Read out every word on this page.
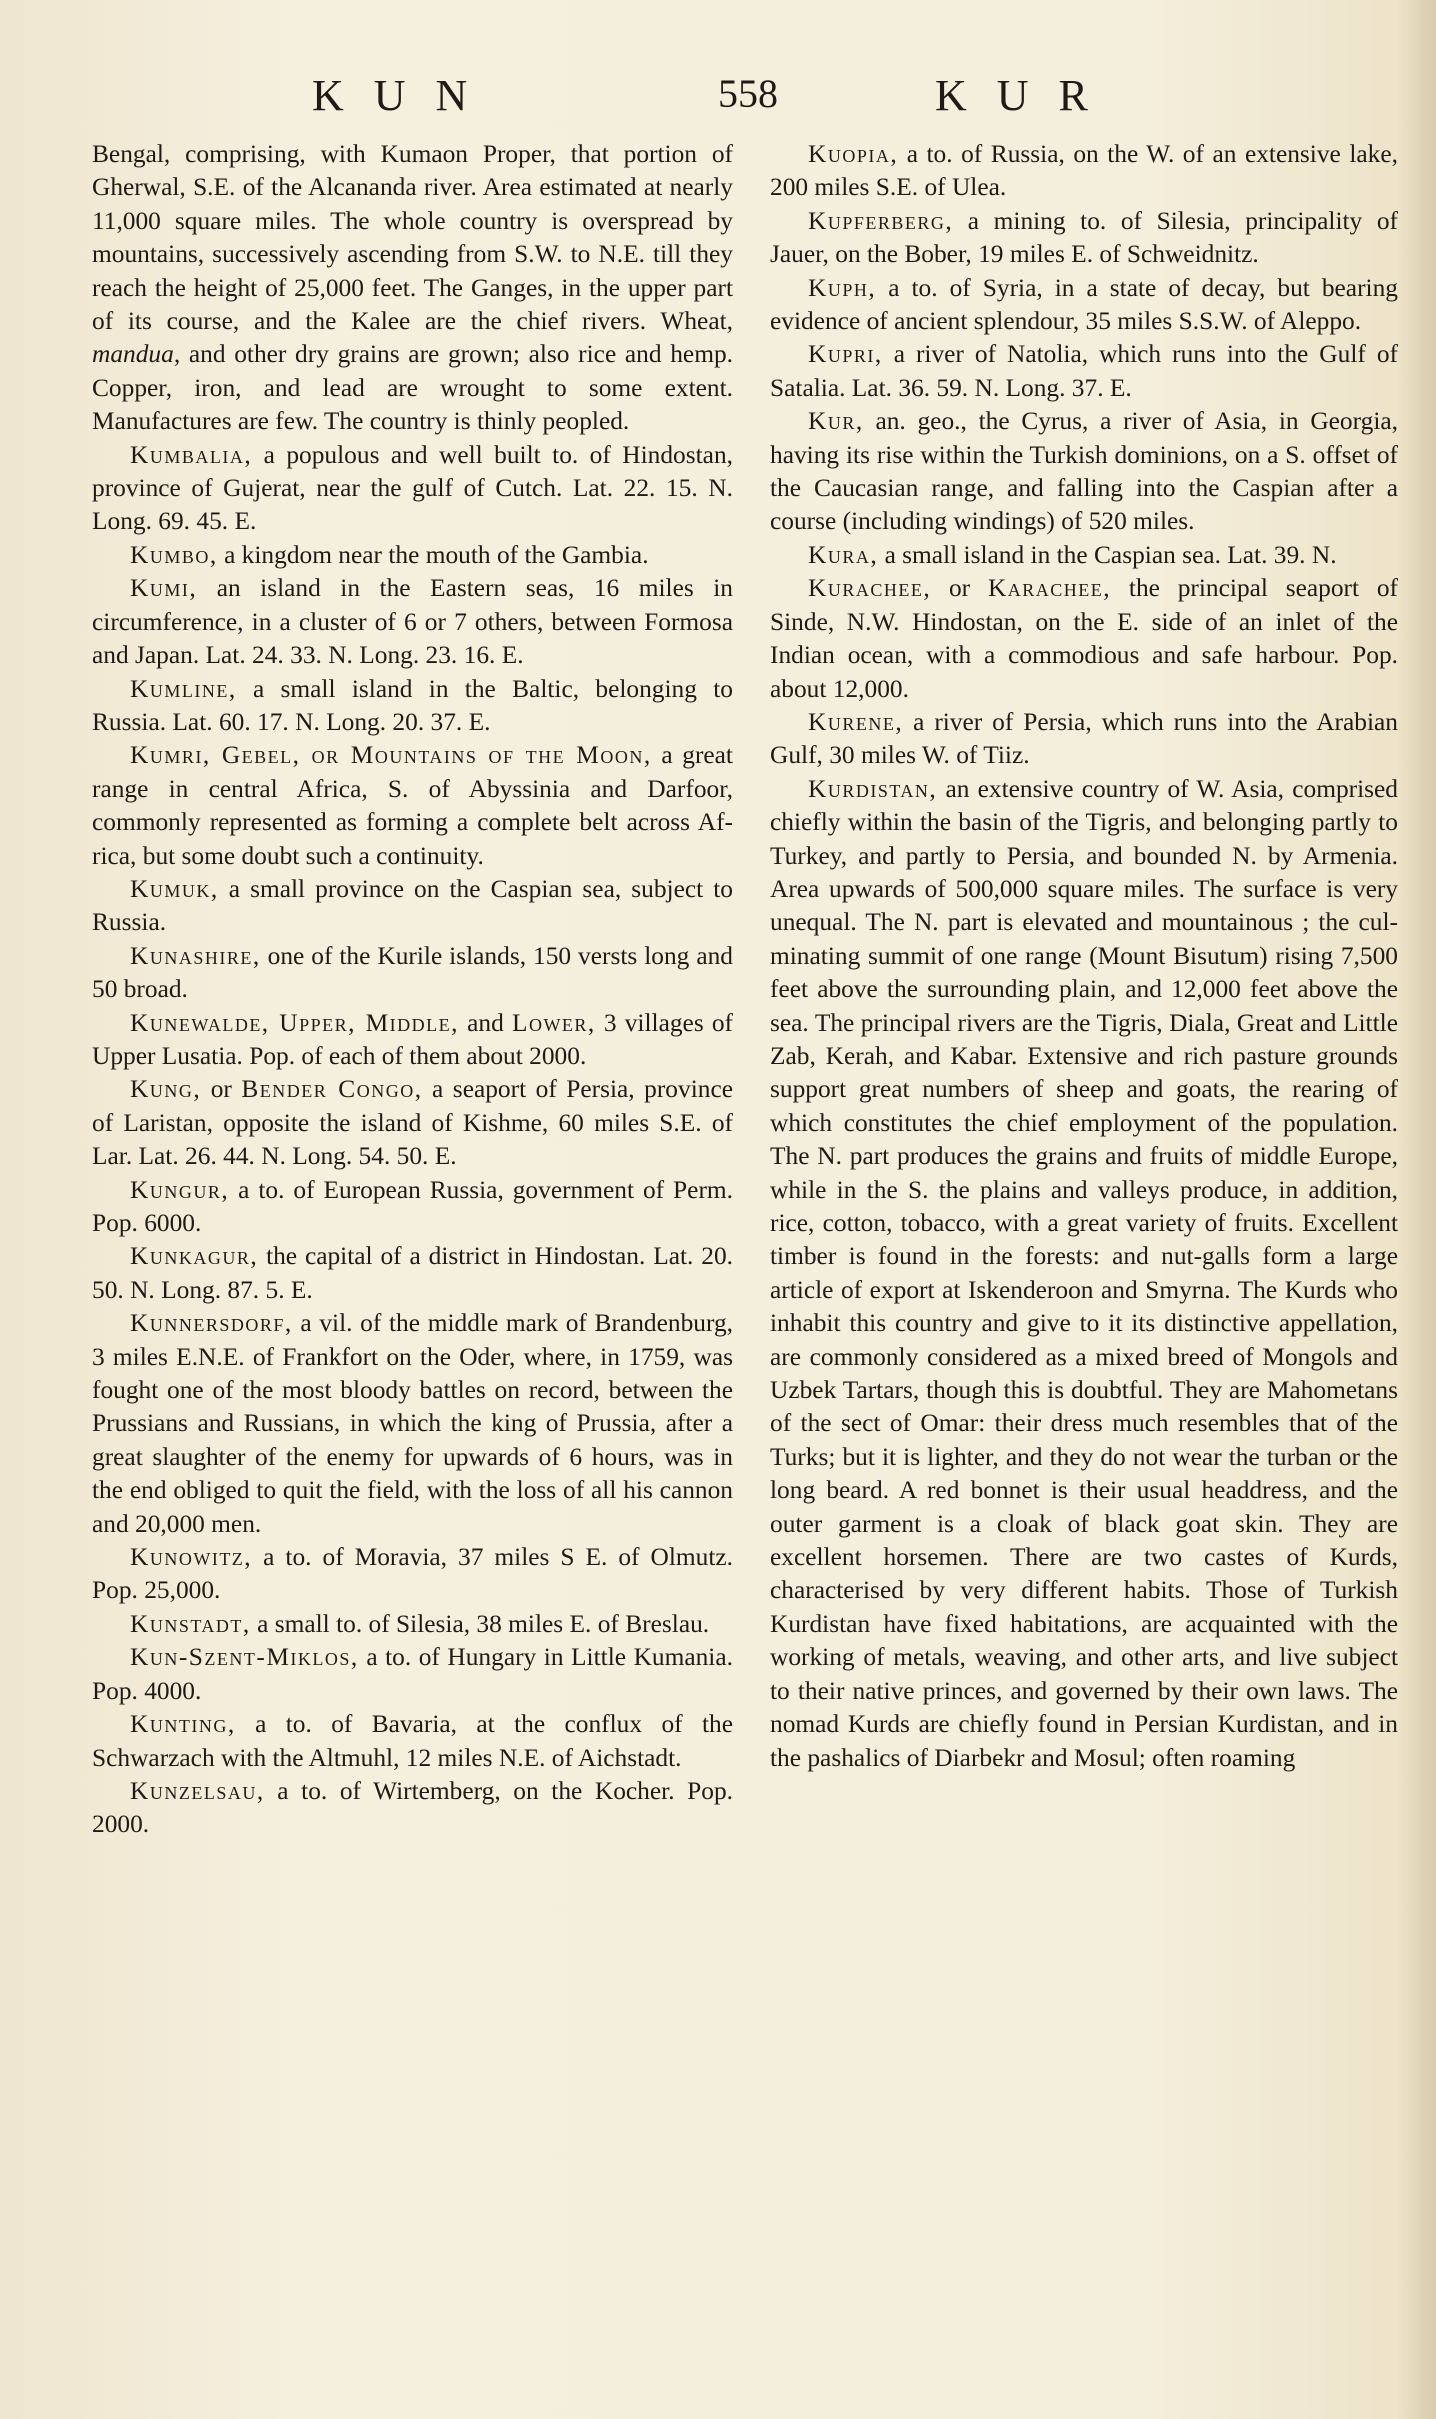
KUN	558	KUR

Bengal, comprising, with Kumaon Proper, that portion of Gherwal, S.E. of the Alcananda river. Area estimated at nearly 11,000 square miles. The whole country is overspread by mountains, successively ascending from S.W. to N.E. till they reach the height of 25,000 feet. The Ganges, in the upper part of its course, and the Kalee are the chief rivers. Wheat, mandua, and other dry grains are grown; also rice and hemp. Copper, iron, and lead are wrought to some extent. Manufactures are few. The country is thinly peopled.

Kumbalia, a populous and well built to. of Hindostan, province of Gujerat, near the gulf of Cutch. Lat. 22. 15. N. Long. 69. 45. E.

Kumbo, a kingdom near the mouth of the Gambia.

Kumi, an island in the Eastern seas, 16 miles in circumference, in a cluster of 6 or 7 others, between Formosa and Japan. Lat. 24. 33. N. Long. 23. 16. E.

Kumline, a small island in the Baltic, belonging to Russia. Lat. 60. 17. N. Long. 20. 37. E.

Kumri, Gebel, or Mountains of the Moon, a great range in central Africa, S. of Abyssinia and Darfoor, commonly represented as forming a complete belt across Africa, but some doubt such a continuity.

Kumuk, a small province on the Caspian sea, subject to Russia.

Kunashire, one of the Kurile islands, 150 versts long and 50 broad.

Kunewalde, Upper, Middle, and Lower, 3 villages of Upper Lusatia. Pop. of each of them about 2000.

Kung, or Bender Congo, a seaport of Persia, province of Laristan, opposite the island of Kishme, 60 miles S.E. of Lar. Lat. 26. 44. N. Long. 54. 50. E.

Kungur, a to. of European Russia, government of Perm. Pop. 6000.

Kunkagur, the capital of a district in Hindostan. Lat. 20. 50. N. Long. 87. 5. E.

Kunnersdorf, a vil. of the middle mark of Brandenburg, 3 miles E.N.E. of Frankfort on the Oder, where, in 1759, was fought one of the most bloody battles on record, between the Prussians and Russians, in which the king of Prussia, after a great slaughter of the enemy for upwards of 6 hours, was in the end obliged to quit the field, with the loss of all his cannon and 20,000 men.

Kunowitz, a to. of Moravia, 37 miles S E. of Olmutz. Pop. 25,000.

Kunstadt, a small to. of Silesia, 38 miles E. of Breslau.

Kun-Szent-Miklos, a to. of Hungary in Little Kumania. Pop. 4000.

Kunting, a to. of Bavaria, at the conflux of the Schwarzach with the Altmuhl, 12 miles N.E. of Aichstadt.

Kunzelsau, a to. of Wirtemberg, on the Kocher. Pop. 2000.

Kuopia, a to. of Russia, on the W. of an extensive lake, 200 miles S.E. of Ulea.

Kupferberg, a mining to. of Silesia, principality of Jauer, on the Bober, 19 miles E. of Schweidnitz.

Kuph, a to. of Syria, in a state of decay, but bearing evidence of ancient splendour, 35 miles S.S.W. of Aleppo.

Kupri, a river of Natolia, which runs into the Gulf of Satalia. Lat. 36. 59. N. Long. 37. E.

Kur, an. geo., the Cyrus, a river of Asia, in Georgia, having its rise within the Turkish dominions, on a S. offset of the Caucasian range, and falling into the Caspian after a course (including windings) of 520 miles.

Kura, a small island in the Caspian sea. Lat. 39. N.

Kurachee, or Karachee, the principal seaport of Sinde, N.W. Hindostan, on the E. side of an inlet of the Indian ocean, with a commodious and safe harbour. Pop. about 12,000.

Kurene, a river of Persia, which runs into the Arabian Gulf, 30 miles W. of Tiiz.

Kurdistan, an extensive country of W. Asia, comprised chiefly within the basin of the Tigris, and belonging partly to Turkey, and partly to Persia, and bounded N. by Armenia. Area upwards of 500,000 square miles. The surface is very unequal. The N. part is elevated and mountainous ; the culminating summit of one range (Mount Bisutum) rising 7,500 feet above the surrounding plain, and 12,000 feet above the sea. The principal rivers are the Tigris, Diala, Great and Little Zab, Kerah, and Kabar. Extensive and rich pasture grounds support great numbers of sheep and goats, the rearing of which constitutes the chief employment of the population. The N. part produces the grains and fruits of middle Europe, while in the S. the plains and valleys produce, in addition, rice, cotton, tobacco, with a great variety of fruits. Excellent timber is found in the forests: and nut-galls form a large article of export at Iskenderoon and Smyrna. The Kurds who inhabit this country and give to it its distinctive appellation, are commonly considered as a mixed breed of Mongols and Uzbek Tartars, though this is doubtful. They are Mahometans of the sect of Omar: their dress much resembles that of the Turks; but it is lighter, and they do not wear the turban or the long beard. A red bonnet is their usual headdress, and the outer garment is a cloak of black goat skin. They are excellent horsemen. There are two castes of Kurds, characterised by very different habits. Those of Turkish Kurdistan have fixed habitations, are acquainted with the working of metals, weaving, and other arts, and live subject to their native princes, and governed by their own laws. The nomad Kurds are chiefly found in Persian Kurdistan, and in the pashalics of Diarbekr and Mosul; often roaming
